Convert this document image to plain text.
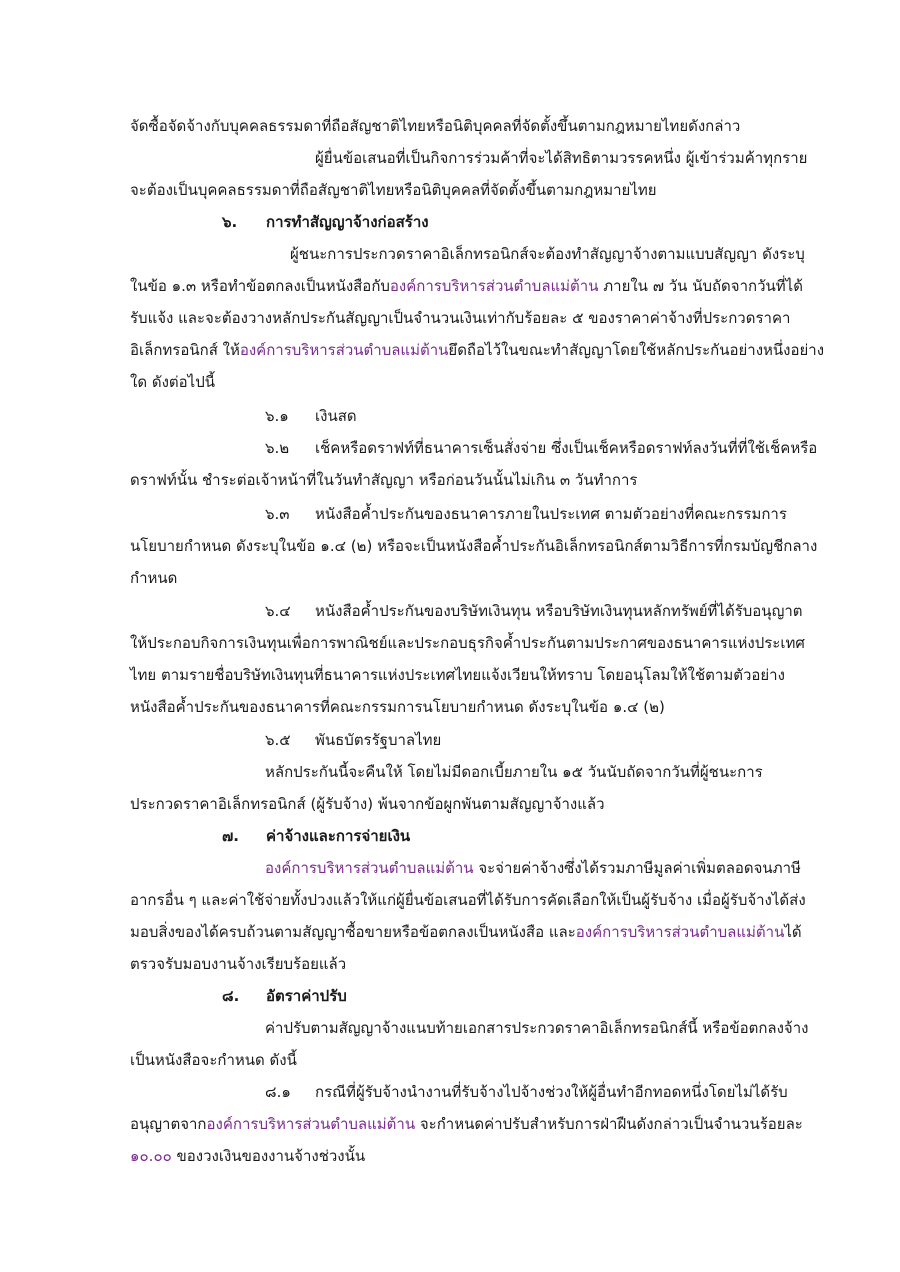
จัดซื้อจัดจ้างกับบุคคลธรรมดาที่ถือสัญชาติไทยหรือนิติบุคคลที่จัดตั้งขึ้นตามกฎหมายไทยดังกล่าว
ผู้ยื่นข้อเสนอที่เป็นกิจการร่วมค้าที่จะได้สิทธิตามวรรคหนึ่ง ผู้เข้าร่วมค้าทุกราย
จะต้องเป็นบุคคลธรรมดาที่ถือสัญชาติไทยหรือนิติบุคคลที่จัดตั้งขึ้นตามกฎหมายไทย
๖. การทำสัญญาจ้างก่อสร้าง
ผู้ชนะการประกวดราคาอิเล็กทรอนิกส์จะต้องทำสัญญาจ้างตามแบบสัญญา ดังระบุ
ในข้อ ๑.๓ หรือทำข้อตกลงเป็นหนังสือกับองค์การบริหารส่วนตำบลแม่ต้าน ภายใน ๗ วัน นับถัดจากวันที่ได้
รับแจ้ง และจะต้องวางหลักประกันสัญญาเป็นจำนวนเงินเท่ากับร้อยละ ๕ ของราคาค่าจ้างที่ประกวดราคา
อิเล็กทรอนิกส์ ให้องค์การบริหารส่วนตำบลแม่ต้านยึดถือไว้ในขณะทำสัญญาโดยใช้หลักประกันอย่างหนึ่งอย่าง
ใด ดังต่อไปนี้
๖.๑ เงินสด
๖.๒ เช็คหรือดราฟท์ที่ธนาคารเซ็นสั่งจ่าย ซึ่งเป็นเช็คหรือดราฟท์ลงวันที่ที่ใช้เช็คหรือ
ดราฟท์นั้น ชำระต่อเจ้าหน้าที่ในวันทำสัญญา หรือก่อนวันนั้นไม่เกิน ๓ วันทำการ
๖.๓ หนังสือค้ำประกันของธนาคารภายในประเทศ ตามตัวอย่างที่คณะกรรมการ
นโยบายกำหนด ดังระบุในข้อ ๑.๔ (๒) หรือจะเป็นหนังสือค้ำประกันอิเล็กทรอนิกส์ตามวิธีการที่กรมบัญชีกลาง
กำหนด
๖.๔ หนังสือค้ำประกันของบริษัทเงินทุน หรือบริษัทเงินทุนหลักทรัพย์ที่ได้รับอนุญาต
ให้ประกอบกิจการเงินทุนเพื่อการพาณิชย์และประกอบธุรกิจค้ำประกันตามประกาศของธนาคารแห่งประเทศ
ไทย ตามรายชื่อบริษัทเงินทุนที่ธนาคารแห่งประเทศไทยแจ้งเวียนให้ทราบ โดยอนุโลมให้ใช้ตามตัวอย่าง
หนังสือค้ำประกันของธนาคารที่คณะกรรมการนโยบายกำหนด ดังระบุในข้อ ๑.๔ (๒)
๖.๕ พันธบัตรรัฐบาลไทย
หลักประกันนี้จะคืนให้ โดยไม่มีดอกเบี้ยภายใน ๑๕ วันนับถัดจากวันที่ผู้ชนะการ
ประกวดราคาอิเล็กทรอนิกส์ (ผู้รับจ้าง) พ้นจากข้อผูกพันตามสัญญาจ้างแล้ว
๗. ค่าจ้างและการจ่ายเงิน
องค์การบริหารส่วนตำบลแม่ต้าน จะจ่ายค่าจ้างซึ่งได้รวมภาษีมูลค่าเพิ่มตลอดจนภาษี
อากรอื่น ๆ และค่าใช้จ่ายทั้งปวงแล้วให้แก่ผู้ยื่นข้อเสนอที่ได้รับการคัดเลือกให้เป็นผู้รับจ้าง เมื่อผู้รับจ้างได้ส่ง
มอบสิ่งของได้ครบถ้วนตามสัญญาซื้อขายหรือข้อตกลงเป็นหนังสือ และองค์การบริหารส่วนตำบลแม่ต้านได้
ตรวจรับมอบงานจ้างเรียบร้อยแล้ว
๘. อัตราค่าปรับ
ค่าปรับตามสัญญาจ้างแนบท้ายเอกสารประกวดราคาอิเล็กทรอนิกส์นี้ หรือข้อตกลงจ้าง
เป็นหนังสือจะกำหนด ดังนี้
๘.๑ กรณีที่ผู้รับจ้างนำงานที่รับจ้างไปจ้างช่วงให้ผู้อื่นทำอีกทอดหนึ่งโดยไม่ได้รับ
อนุญาตจากองค์การบริหารส่วนตำบลแม่ต้าน จะกำหนดค่าปรับสำหรับการฝ่าฝืนดังกล่าวเป็นจำนวนร้อยละ
๑๐.๐๐ ของวงเงินของงานจ้างช่วงนั้น
